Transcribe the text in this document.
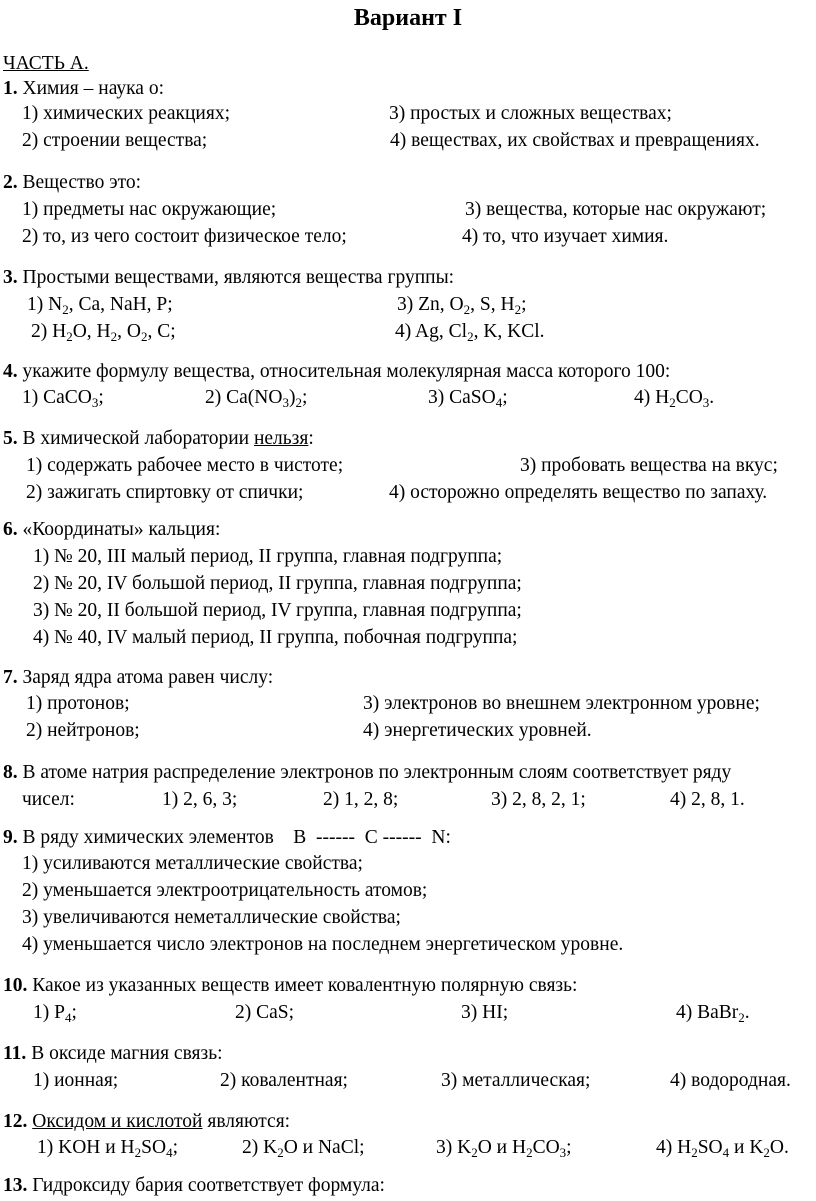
Вариант I
ЧАСТЬ А.
1. Химия – наука о:
1) химических реакциях;	3) простых и сложных веществах;
2) строении вещества;	4) веществах, их свойствах и превращениях.
2. Вещество это:
1) предметы нас окружающие;	3) вещества, которые нас окружают;
2) то, из чего состоит физическое тело;	4) то, что изучает химия.
3. Простыми веществами, являются вещества группы:
1) $N_2$, Ca, NaH, P;	3) Zn, $O_2$, S, $H_2$;
2) $H_2O$, $H_2$, $O_2$, C;	4) Ag, $Cl_2$, K, KCl.
4. укажите формулу вещества, относительная молекулярная масса которого 100:
1) CaCO$_3$;	2) $Ca(NO_3)_2$;	3) CaSO$_4$;	4) $H_2CO_3$.
5. В химической лаборатории нельзя:
1) содержать рабочее место в чистоте;	3) пробовать вещества на вкус;
2) зажигать спиртовку от спички;	4) осторожно определять вещество по запаху.
6. «Координаты» кальция:
1) № 20, III малый период, II группа, главная подгруппа;
2) № 20, IV большой период, II группа, главная подгруппа;
3) № 20, II большой период, IV группа, главная подгруппа;
4) № 40, IV малый период, II группа, побочная подгруппа;
7. Заряд ядра атома равен числу:
1) протонов;	3) электронов во внешнем электронном уровне;
2) нейтронов;	4) энергетических уровней.
8. В атоме натрия распределение электронов по электронным слоям соответствует ряду
чисел:	1) 2, 6, 3;	2) 1, 2, 8;	3) 2, 8, 2, 1;	4) 2, 8, 1.
9. В ряду химических элементов    B  ------  C ------  N:
1) усиливаются металлические свойства;
2) уменьшается электроотрицательность атомов;
3) увеличиваются неметаллические свойства;
4) уменьшается число электронов на последнем энергетическом уровне.
10. Какое из указанных веществ имеет ковалентную полярную связь:
1) $P_4$;	2) CaS;	3) HI;	4) BaBr$_2$.
11. В оксиде магния связь:
1) ионная;	2) ковалентная;	3) металлическая;	4) водородная.
12. Оксидом и кислотой являются:
1) KOH и $H_2SO_4$;	2) $K_2O$ и NaCl;	3) $K_2O$ и $H_2CO_3$;	4) $H_2SO_4$ и $K_2O$.
13. Гидроксиду бария соответствует формула:
